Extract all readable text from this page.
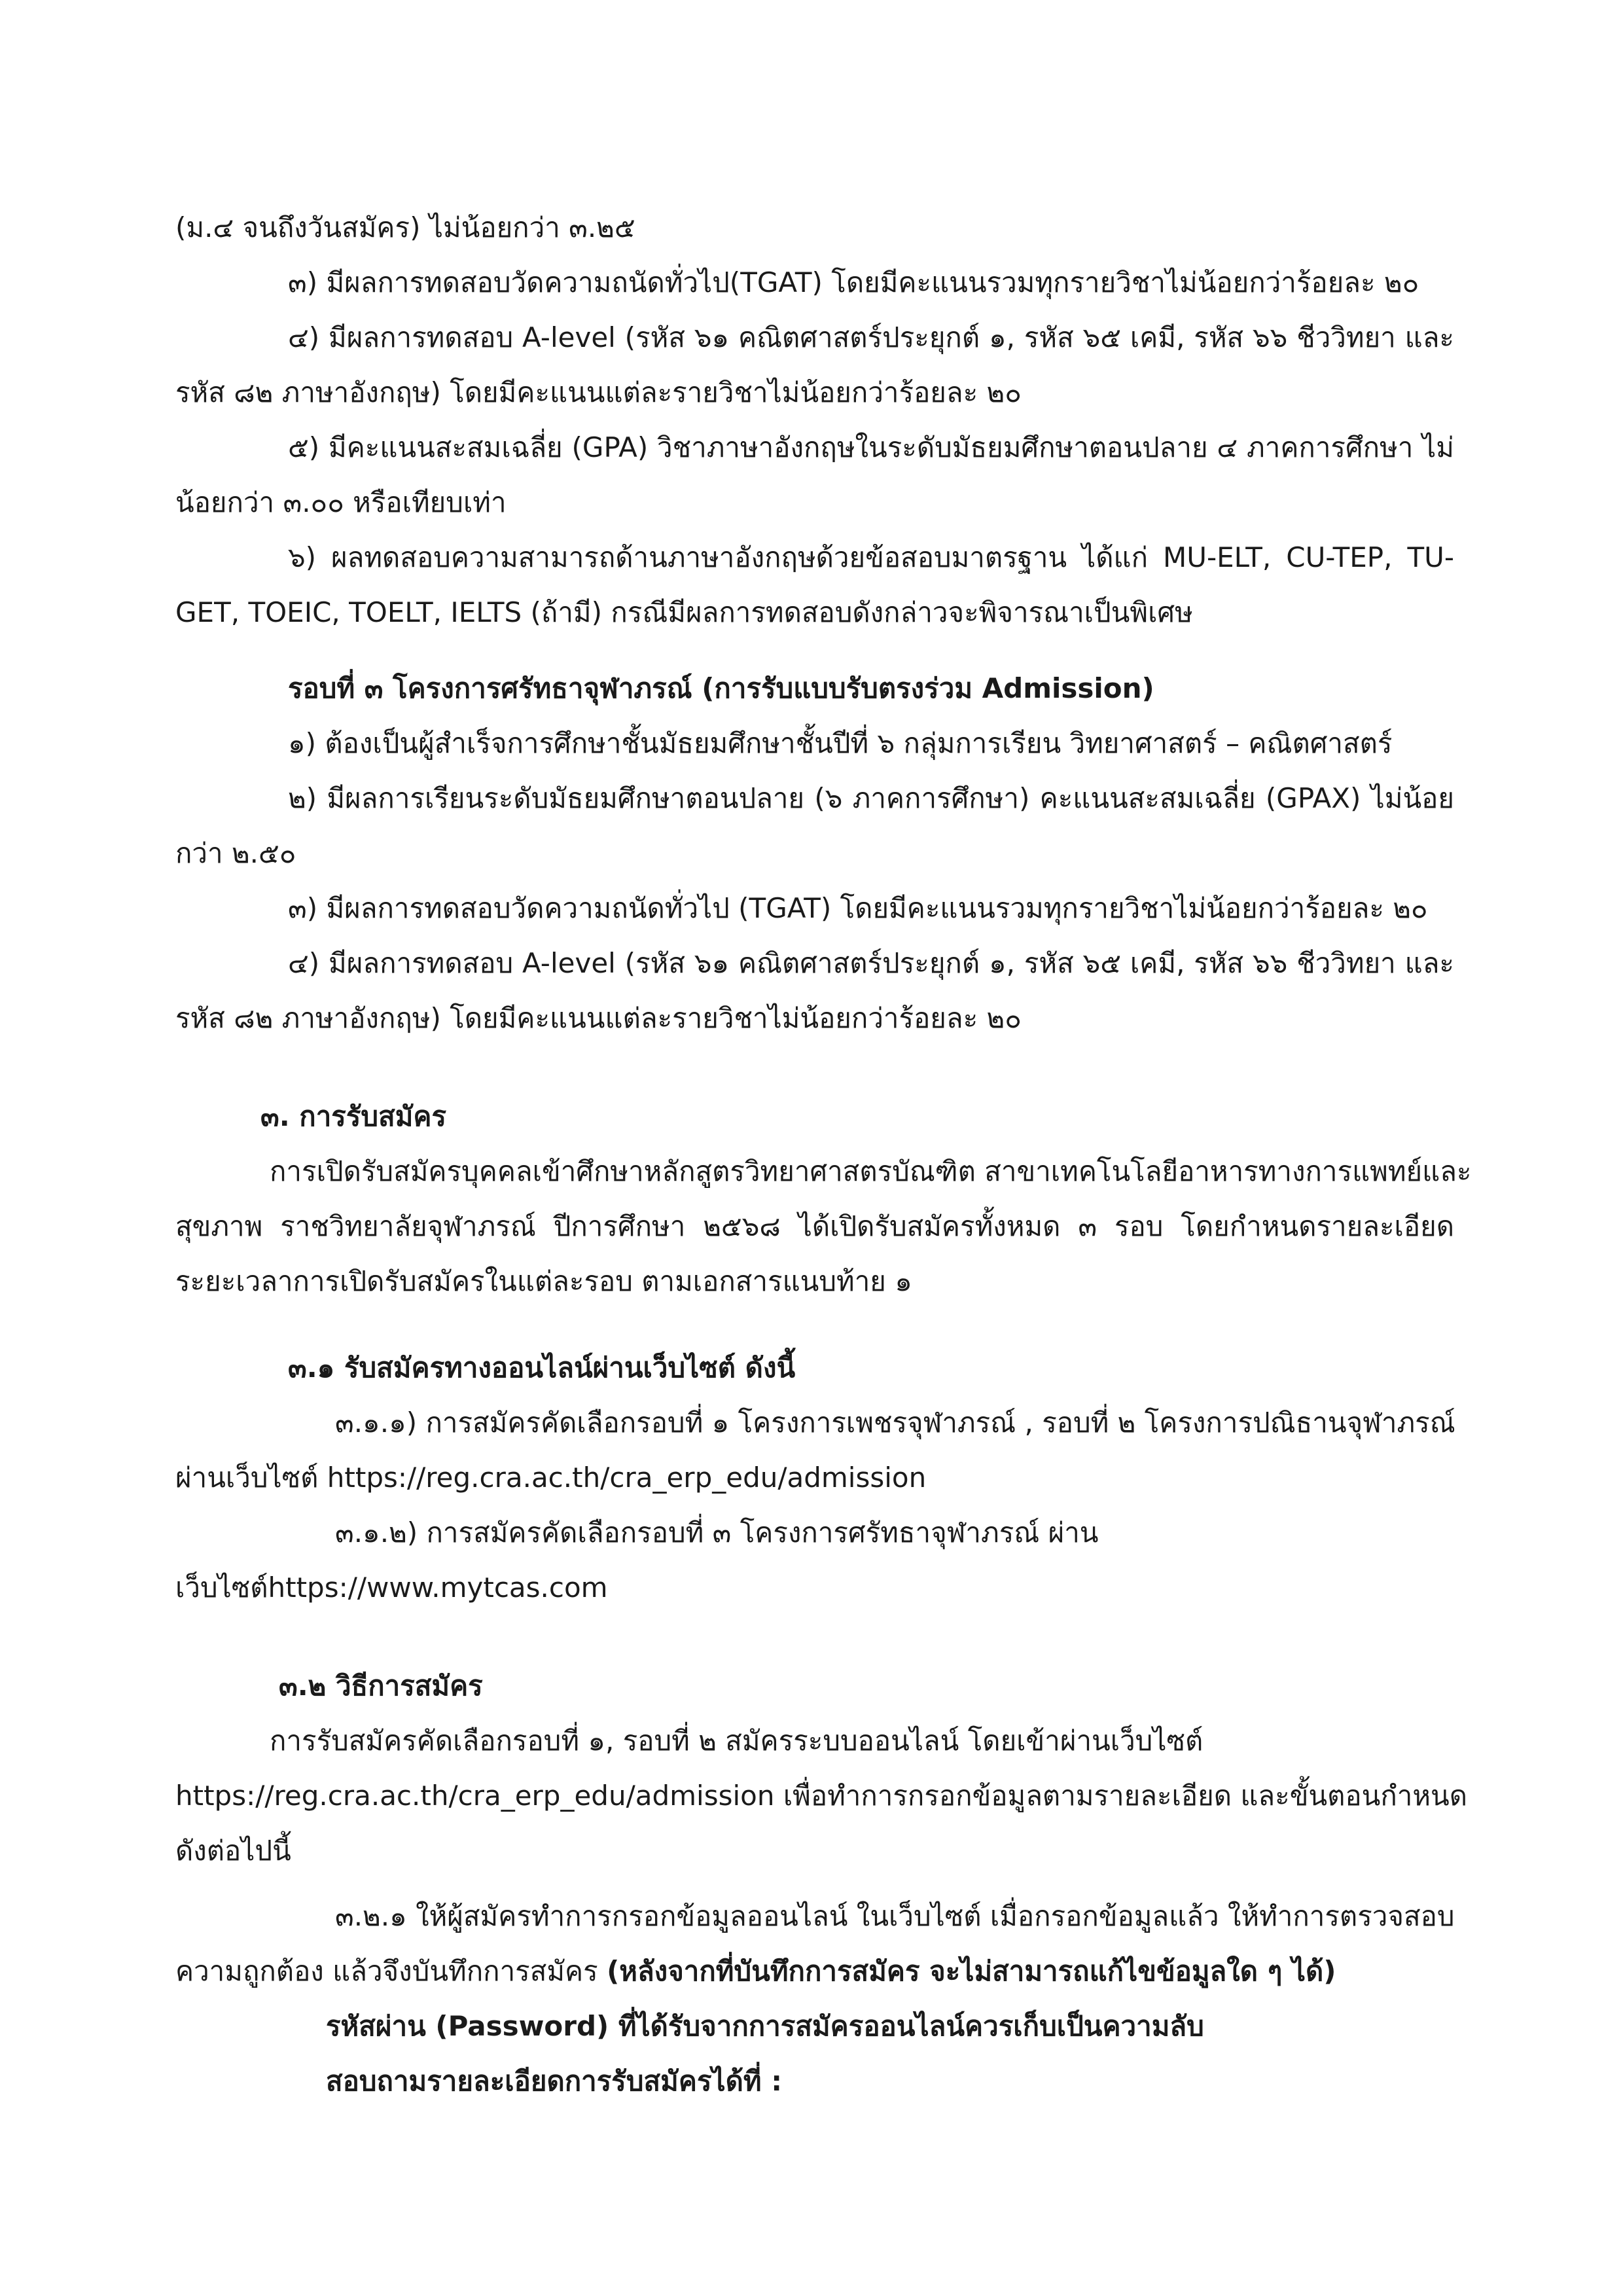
(ม.๔ จนถึงวันสมัคร) ไม่น้อยกว่า ๓.๒๕
๓) มีผลการทดสอบวัดความถนัดทั่วไป(TGAT) โดยมีคะแนนรวมทุกรายวิชาไม่น้อยกว่าร้อยละ ๒๐
๔) มีผลการทดสอบ A-level (รหัส ๖๑ คณิตศาสตร์ประยุกต์ ๑, รหัส ๖๕ เคมี, รหัส ๖๖ ชีววิทยา และ
รหัส ๘๒ ภาษาอังกฤษ) โดยมีคะแนนแต่ละรายวิชาไม่น้อยกว่าร้อยละ ๒๐
๕) มีคะแนนสะสมเฉลี่ย (GPA) วิชาภาษาอังกฤษในระดับมัธยมศึกษาตอนปลาย ๔ ภาคการศึกษา ไม่
น้อยกว่า ๓.๐๐ หรือเทียบเท่า
๖) ผลทดสอบความสามารถด้านภาษาอังกฤษด้วยข้อสอบมาตรฐาน ได้แก่ MU-ELT, CU-TEP, TU-
GET, TOEIC, TOELT, IELTS (ถ้ามี) กรณีมีผลการทดสอบดังกล่าวจะพิจารณาเป็นพิเศษ
รอบที่ ๓ โครงการศรัทธาจุฬาภรณ์ (การรับแบบรับตรงร่วม Admission)
๑) ต้องเป็นผู้สำเร็จการศึกษาชั้นมัธยมศึกษาชั้นปีที่ ๖ กลุ่มการเรียน วิทยาศาสตร์ – คณิตศาสตร์
๒) มีผลการเรียนระดับมัธยมศึกษาตอนปลาย (๖ ภาคการศึกษา) คะแนนสะสมเฉลี่ย (GPAX) ไม่น้อย
กว่า ๒.๕๐
๓) มีผลการทดสอบวัดความถนัดทั่วไป (TGAT) โดยมีคะแนนรวมทุกรายวิชาไม่น้อยกว่าร้อยละ ๒๐
๔) มีผลการทดสอบ A-level (รหัส ๖๑ คณิตศาสตร์ประยุกต์ ๑, รหัส ๖๕ เคมี, รหัส ๖๖ ชีววิทยา และ
รหัส ๘๒ ภาษาอังกฤษ) โดยมีคะแนนแต่ละรายวิชาไม่น้อยกว่าร้อยละ ๒๐
๓. การรับสมัคร
การเปิดรับสมัครบุคคลเข้าศึกษาหลักสูตรวิทยาศาสตรบัณฑิต สาขาเทคโนโลยีอาหารทางการแพทย์และ
สุขภาพ ราชวิทยาลัยจุฬาภรณ์ ปีการศึกษา ๒๕๖๘ ได้เปิดรับสมัครทั้งหมด ๓ รอบ โดยกำหนดรายละเอียด
ระยะเวลาการเปิดรับสมัครในแต่ละรอบ ตามเอกสารแนบท้าย ๑
๓.๑ รับสมัครทางออนไลน์ผ่านเว็บไซต์ ดังนี้
๓.๑.๑) การสมัครคัดเลือกรอบที่ ๑ โครงการเพชรจุฬาภรณ์ , รอบที่ ๒ โครงการปณิธานจุฬาภรณ์
ผ่านเว็บไซต์ https://reg.cra.ac.th/cra_erp_edu/admission
๓.๑.๒) การสมัครคัดเลือกรอบที่ ๓ โครงการศรัทธาจุฬาภรณ์ ผ่าน
เว็บไซต์https://www.mytcas.com
๓.๒ วิธีการสมัคร
การรับสมัครคัดเลือกรอบที่ ๑, รอบที่ ๒ สมัครระบบออนไลน์ โดยเข้าผ่านเว็บไซต์
https://reg.cra.ac.th/cra_erp_edu/admission เพื่อทำการกรอกข้อมูลตามรายละเอียด และขั้นตอนกำหนด
ดังต่อไปนี้
๓.๒.๑ ให้ผู้สมัครทำการกรอกข้อมูลออนไลน์ ในเว็บไซต์ เมื่อกรอกข้อมูลแล้ว ให้ทำการตรวจสอบ
ความถูกต้อง แล้วจึงบันทึกการสมัคร (หลังจากที่บันทึกการสมัคร จะไม่สามารถแก้ไขข้อมูลใด ๆ ได้)
รหัสผ่าน (Password) ที่ได้รับจากการสมัครออนไลน์ควรเก็บเป็นความลับ
สอบถามรายละเอียดการรับสมัครได้ที่ :
